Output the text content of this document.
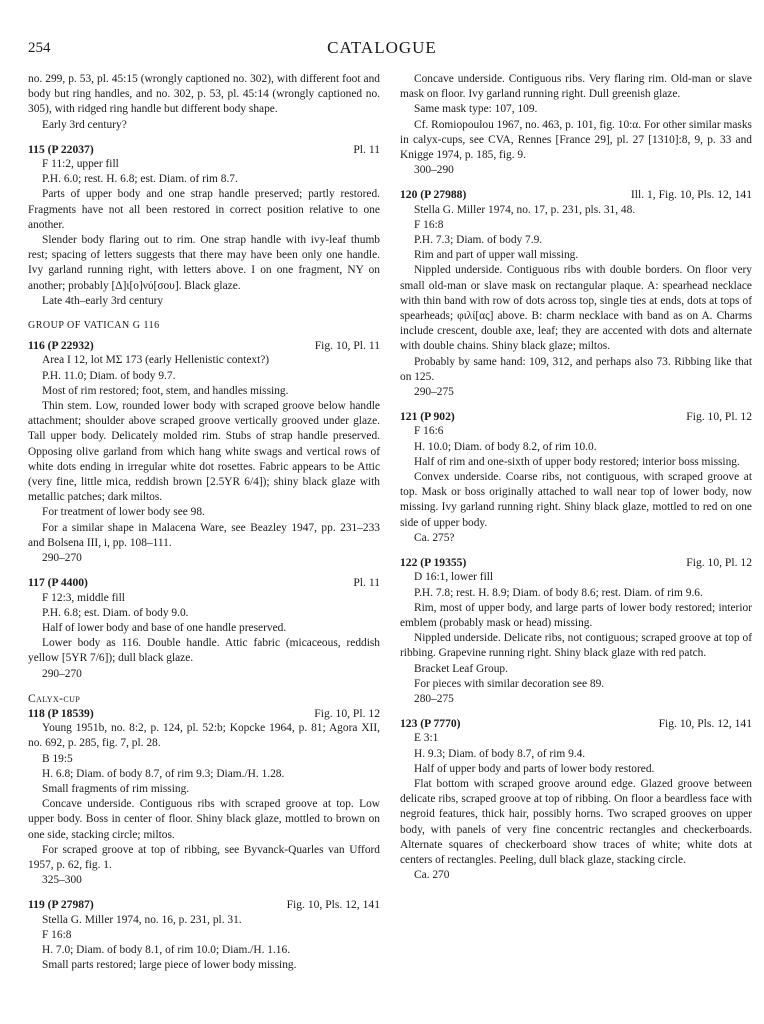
254	CATALOGUE

no. 299, p. 53, pl. 45:15 (wrongly captioned no. 302), with different foot and body but ring handles, and no. 302, p. 53, pl. 45:14 (wrongly captioned no. 305), with ridged ring handle but different body shape.

Early 3rd century?

115 (P 22037)	Pl. 11

F 11:2, upper fill

P.H. 6.0; rest. H. 6.8; est. Diam. of rim 8.7.

Parts of upper body and one strap handle preserved; partly restored. Fragments have not all been restored in correct position relative to one another.

Slender body flaring out to rim. One strap handle with ivy-leaf thumb rest; spacing of letters suggests that there may have been only one handle. Ivy garland running right, with letters above. I on one fragment, NΥ on another; probably [Δ]ι[ο]νύ[σου]. Black glaze.

Late 4th–early 3rd century

GROUP OF VATICAN G 116
116 (P 22932)	Fig. 10, Pl. 11

Area I 12, lot ΜΣ 173 (early Hellenistic context?)

P.H. 11.0; Diam. of body 9.7.

Most of rim restored; foot, stem, and handles missing.

Thin stem. Low, rounded lower body with scraped groove below handle attachment; shoulder above scraped groove vertically grooved under glaze. Tall upper body. Delicately molded rim. Stubs of strap handle preserved. Opposing olive garland from which hang white swags and vertical rows of white dots ending in irregular white dot rosettes. Fabric appears to be Attic (very fine, little mica, reddish brown [2.5YR 6/4]); shiny black glaze with metallic patches; dark miltos.

For treatment of lower body see 98.

For a similar shape in Malacena Ware, see Beazley 1947, pp. 231–233 and Bolsena III, i, pp. 108–111.

290–270

117 (P 4400)	Pl. 11

F 12:3, middle fill

P.H. 6.8; est. Diam. of body 9.0.

Half of lower body and base of one handle preserved.

Lower body as 116. Double handle. Attic fabric (micaceous, reddish yellow [5YR 7/6]); dull black glaze.

290–270

Calyx-cup
118 (P 18539)	Fig. 10, Pl. 12

Young 1951b, no. 8:2, p. 124, pl. 52:b; Kopcke 1964, p. 81; Agora XII, no. 692, p. 285, fig. 7, pl. 28.

B 19:5

H. 6.8; Diam. of body 8.7, of rim 9.3; Diam./H. 1.28.

Small fragments of rim missing.

Concave underside. Contiguous ribs with scraped groove at top. Low upper body. Boss in center of floor. Shiny black glaze, mottled to brown on one side, stacking circle; miltos.

For scraped groove at top of ribbing, see Byvanck-Quarles van Ufford 1957, p. 62, fig. 1.

325–300

119 (P 27987)	Fig. 10, Pls. 12, 141

Stella G. Miller 1974, no. 16, p. 231, pl. 31.

F 16:8

H. 7.0; Diam. of body 8.1, of rim 10.0; Diam./H. 1.16.

Small parts restored; large piece of lower body missing.

Concave underside. Contiguous ribs. Very flaring rim. Old-man or slave mask on floor. Ivy garland running right. Dull greenish glaze.

Same mask type: 107, 109.

Cf. Romiopoulou 1967, no. 463, p. 101, fig. 10:α. For other similar masks in calyx-cups, see CVA, Rennes [France 29], pl. 27 [1310]:8, 9, p. 33 and Knigge 1974, p. 185, fig. 9.

300–290

120 (P 27988)	Ill. 1, Fig. 10, Pls. 12, 141

Stella G. Miller 1974, no. 17, p. 231, pls. 31, 48.

F 16:8

P.H. 7.3; Diam. of body 7.9.

Rim and part of upper wall missing.

Nippled underside. Contiguous ribs with double borders. On floor very small old-man or slave mask on rectangular plaque. A: spearhead necklace with thin band with row of dots across top, single ties at ends, dots at tops of spearheads; φιλί[ας] above. B: charm necklace with band as on A. Charms include crescent, double axe, leaf; they are accented with dots and alternate with double chains. Shiny black glaze; miltos.

Probably by same hand: 109, 312, and perhaps also 73. Ribbing like that on 125.

290–275

121 (P 902)	Fig. 10, Pl. 12

F 16:6

H. 10.0; Diam. of body 8.2, of rim 10.0.

Half of rim and one-sixth of upper body restored; interior boss missing.

Convex underside. Coarse ribs, not contiguous, with scraped groove at top. Mask or boss originally attached to wall near top of lower body, now missing. Ivy garland running right. Shiny black glaze, mottled to red on one side of upper body.

Ca. 275?

122 (P 19355)	Fig. 10, Pl. 12

D 16:1, lower fill

P.H. 7.8; rest. H. 8.9; Diam. of body 8.6; rest. Diam. of rim 9.6.

Rim, most of upper body, and large parts of lower body restored; interior emblem (probably mask or head) missing.

Nippled underside. Delicate ribs, not contiguous; scraped groove at top of ribbing. Grapevine running right. Shiny black glaze with red patch.

Bracket Leaf Group.

For pieces with similar decoration see 89.

280–275

123 (P 7770)	Fig. 10, Pls. 12, 141

E 3:1

H. 9.3; Diam. of body 8.7, of rim 9.4.

Half of upper body and parts of lower body restored.

Flat bottom with scraped groove around edge. Glazed groove between delicate ribs, scraped groove at top of ribbing. On floor a beardless face with negroid features, thick hair, possibly horns. Two scraped grooves on upper body, with panels of very fine concentric rectangles and checkerboards. Alternate squares of checkerboard show traces of white; white dots at centers of rectangles. Peeling, dull black glaze, stacking circle.

Ca. 270
